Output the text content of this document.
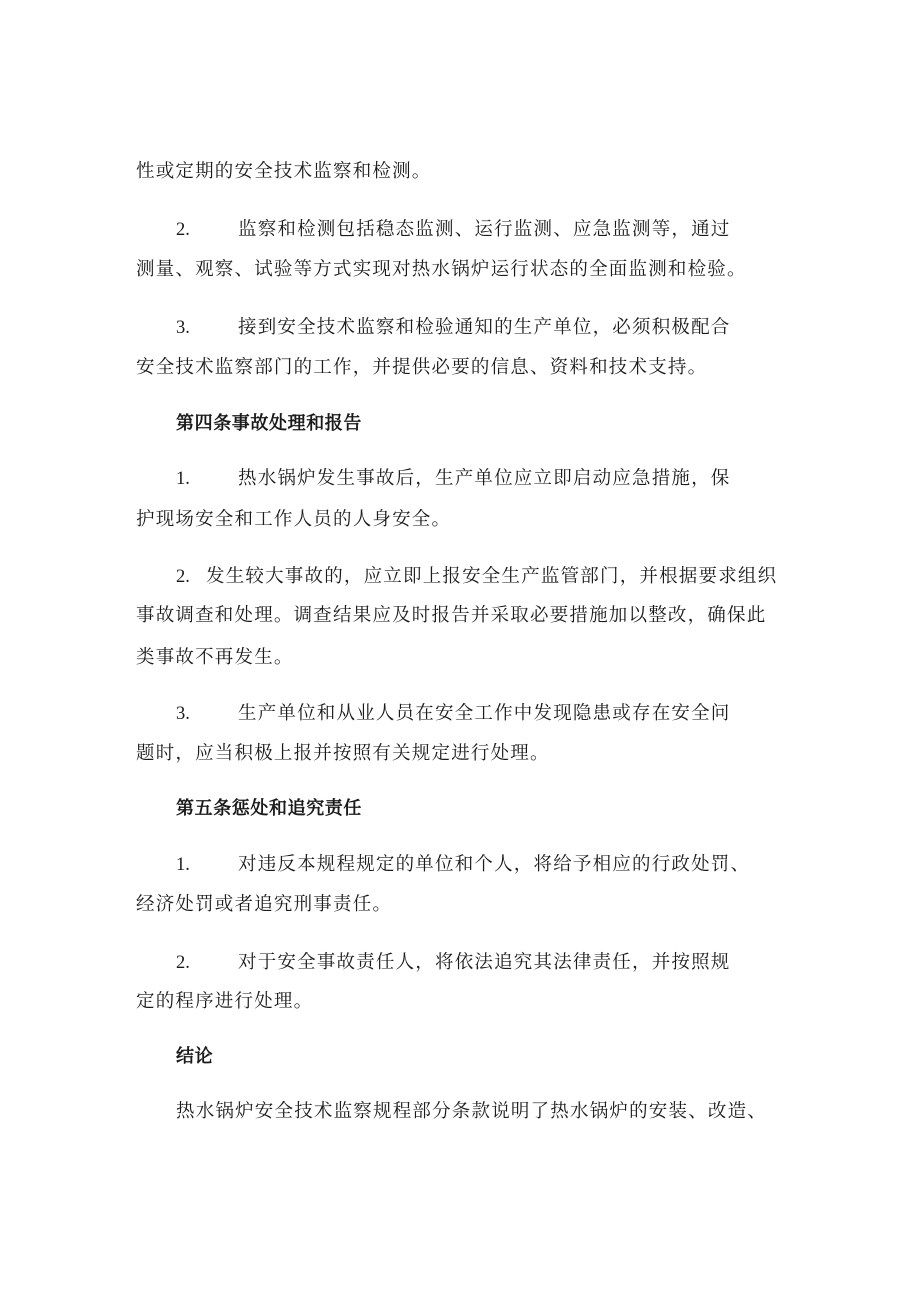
性或定期的安全技术监察和检测。
2.	监察和检测包括稳态监测、运行监测、应急监测等，通过
测量、观察、试验等方式实现对热水锅炉运行状态的全面监测和检验。
3.	接到安全技术监察和检验通知的生产单位，必须积极配合
安全技术监察部门的工作，并提供必要的信息、资料和技术支持。
第四条事故处理和报告
1.	热水锅炉发生事故后，生产单位应立即启动应急措施，保
护现场安全和工作人员的人身安全。
2. 发生较大事故的，应立即上报安全生产监管部门，并根据要求组织
事故调查和处理。调查结果应及时报告并采取必要措施加以整改，确保此
类事故不再发生。
3.	生产单位和从业人员在安全工作中发现隐患或存在安全问
题时，应当积极上报并按照有关规定进行处理。
第五条惩处和追究责任
1.	对违反本规程规定的单位和个人，将给予相应的行政处罚、
经济处罚或者追究刑事责任。
2.	对于安全事故责任人，将依法追究其法律责任，并按照规
定的程序进行处理。
结论
热水锅炉安全技术监察规程部分条款说明了热水锅炉的安装、改造、
